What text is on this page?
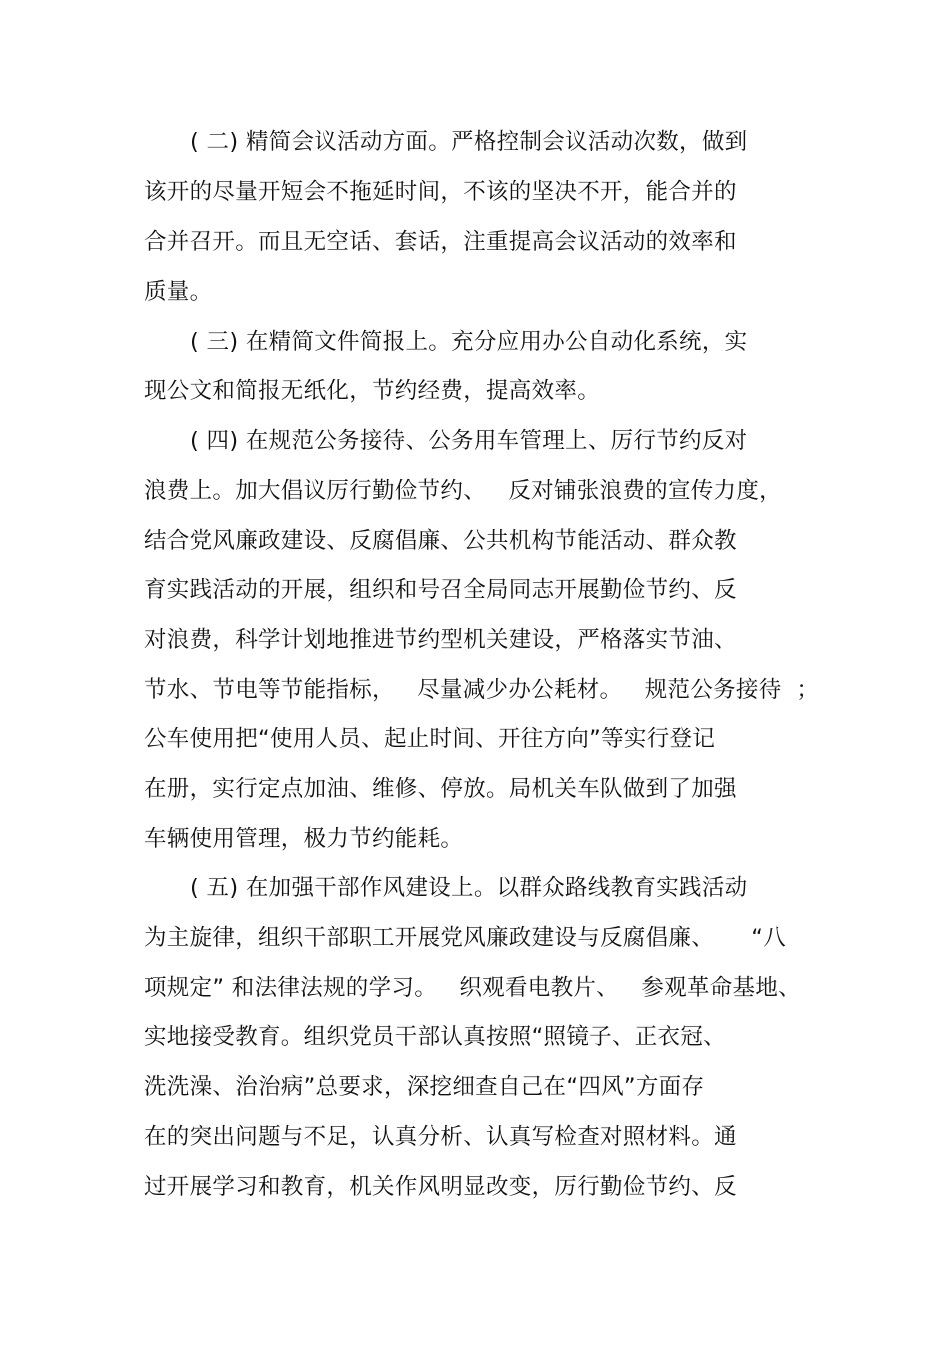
( 二) 精简会议活动方面。严格控制会议活动次数，做到
该开的尽量开短会不拖延时间，不该的坚决不开，能合并的
合并召开。而且无空话、套话，注重提高会议活动的效率和
质量。
( 三) 在精简文件简报上。充分应用办公自动化系统，实
现公文和简报无纸化，节约经费，提高效率。
( 四) 在规范公务接待、公务用车管理上、厉行节约反对
浪费上。加大倡议厉行勤俭节约、   反对铺张浪费的宣传力度，
结合党风廉政建设、反腐倡廉、公共机构节能活动、群众教
育实践活动的开展，组织和号召全局同志开展勤俭节约、反
对浪费，科学计划地推进节约型机关建设，严格落实节油、
节水、节电等节能指标，   尽量减少办公耗材。   规范公务接待  ；
公车使用把“使用人员、起止时间、开往方向”等实行登记
在册，实行定点加油、维修、停放。局机关车队做到了加强
车辆使用管理，极力节约能耗。
( 五) 在加强干部作风建设上。以群众路线教育实践活动
为主旋律，组织干部职工开展党风廉政建设与反腐倡廉、     “八
项规定” 和法律法规的学习。   织观看电教片、   参观革命基地、
实地接受教育。组织党员干部认真按照“照镜子、正衣冠、
洗洗澡、治治病”总要求，深挖细查自己在“四风”方面存
在的突出问题与不足，认真分析、认真写检查对照材料。通
过开展学习和教育，机关作风明显改变，厉行勤俭节约、反
